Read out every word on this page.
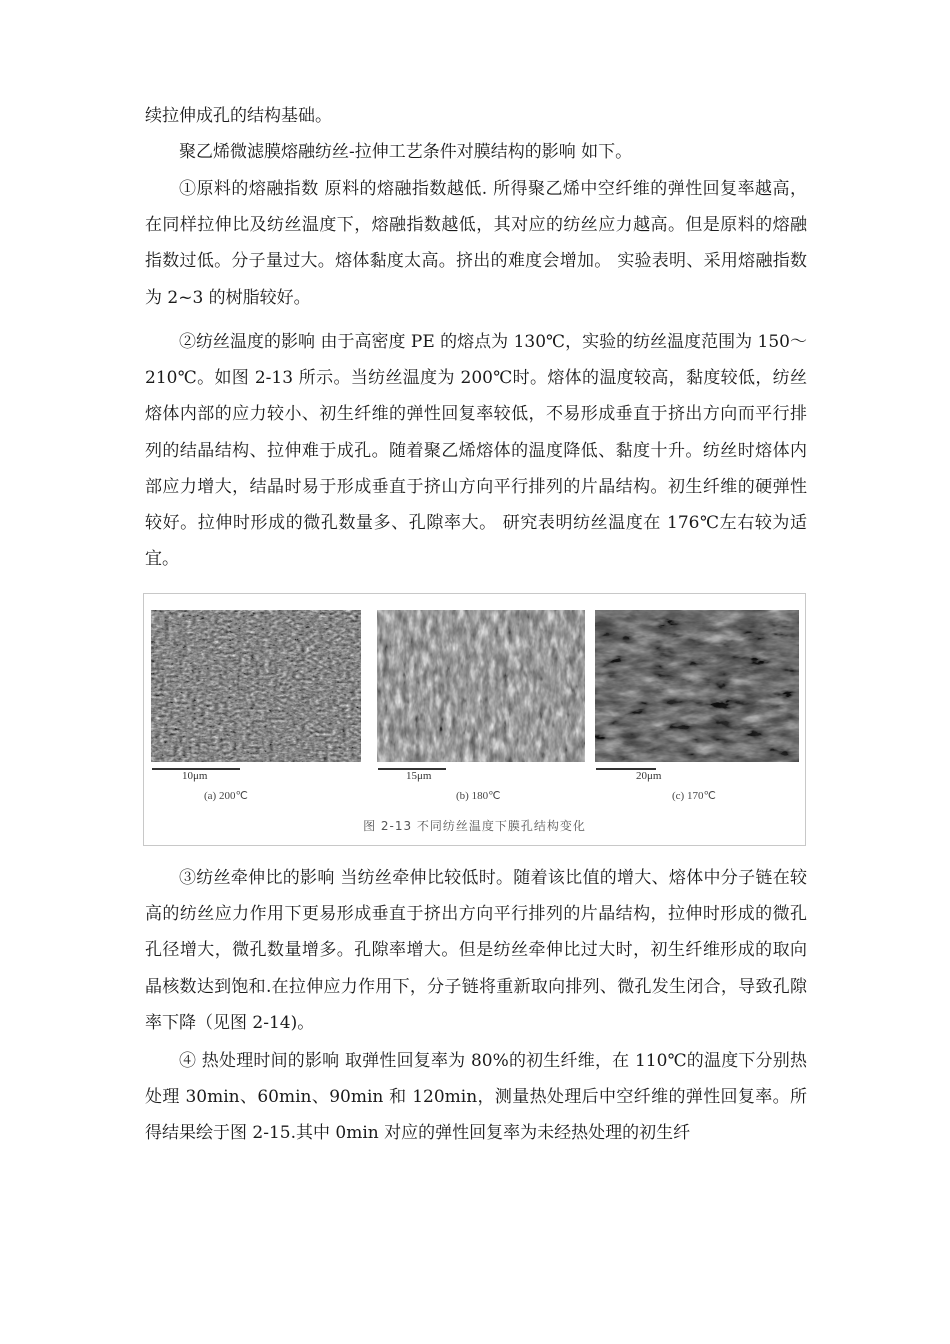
续拉伸成孔的结构基础。

聚乙烯微滤膜熔融纺丝-拉伸工艺条件对膜结构的影响 如下。

①原料的熔融指数 原料的熔融指数越低. 所得聚乙烯中空纤维的弹性回复率越高，在同样拉伸比及纺丝温度下，熔融指数越低，其对应的纺丝应力越高。但是原料的熔融指数过低。分子量过大。熔体黏度太高。挤出的难度会增加。 实验表明、采用熔融指数为 2~3 的树脂较好。

②纺丝温度的影响 由于高密度 PE 的熔点为 130℃，实验的纺丝温度范围为 150～210℃。如图 2-13 所示。当纺丝温度为 200℃时。熔体的温度较高，黏度较低，纺丝熔体内部的应力较小、初生纤维的弹性回复率较低，不易形成垂直于挤出方向而平行排列的结晶结构、拉伸难于成孔。随着聚乙烯熔体的温度降低、黏度十升。纺丝时熔体内部应力增大，结晶时易于形成垂直于挤山方向平行排列的片晶结构。初生纤维的硬弹性较好。拉伸时形成的微孔数量多、孔隙率大。 研究表明纺丝温度在 176℃左右较为适宜。

10μm	15μm	20μm
(a) 200℃	(b) 180℃	(c) 170℃
图 2-13 不同纺丝温度下膜孔结构变化

③纺丝牵伸比的影响 当纺丝牵伸比较低时。随着该比值的增大、熔体中分子链在较高的纺丝应力作用下更易形成垂直于挤出方向平行排列的片晶结构，拉伸时形成的微孔孔径增大，微孔数量增多。孔隙率增大。但是纺丝牵伸比过大时，初生纤维形成的取向晶核数达到饱和.在拉伸应力作用下，分子链将重新取向排列、微孔发生闭合，导致孔隙率下降（见图 2-14)。

④ 热处理时间的影响 取弹性回复率为 80%的初生纤维，在 110℃的温度下分别热处理 30min、60min、90min 和 120min，测量热处理后中空纤维的弹性回复率。所得结果绘于图 2-15.其中 0min 对应的弹性回复率为未经热处理的初生纤
